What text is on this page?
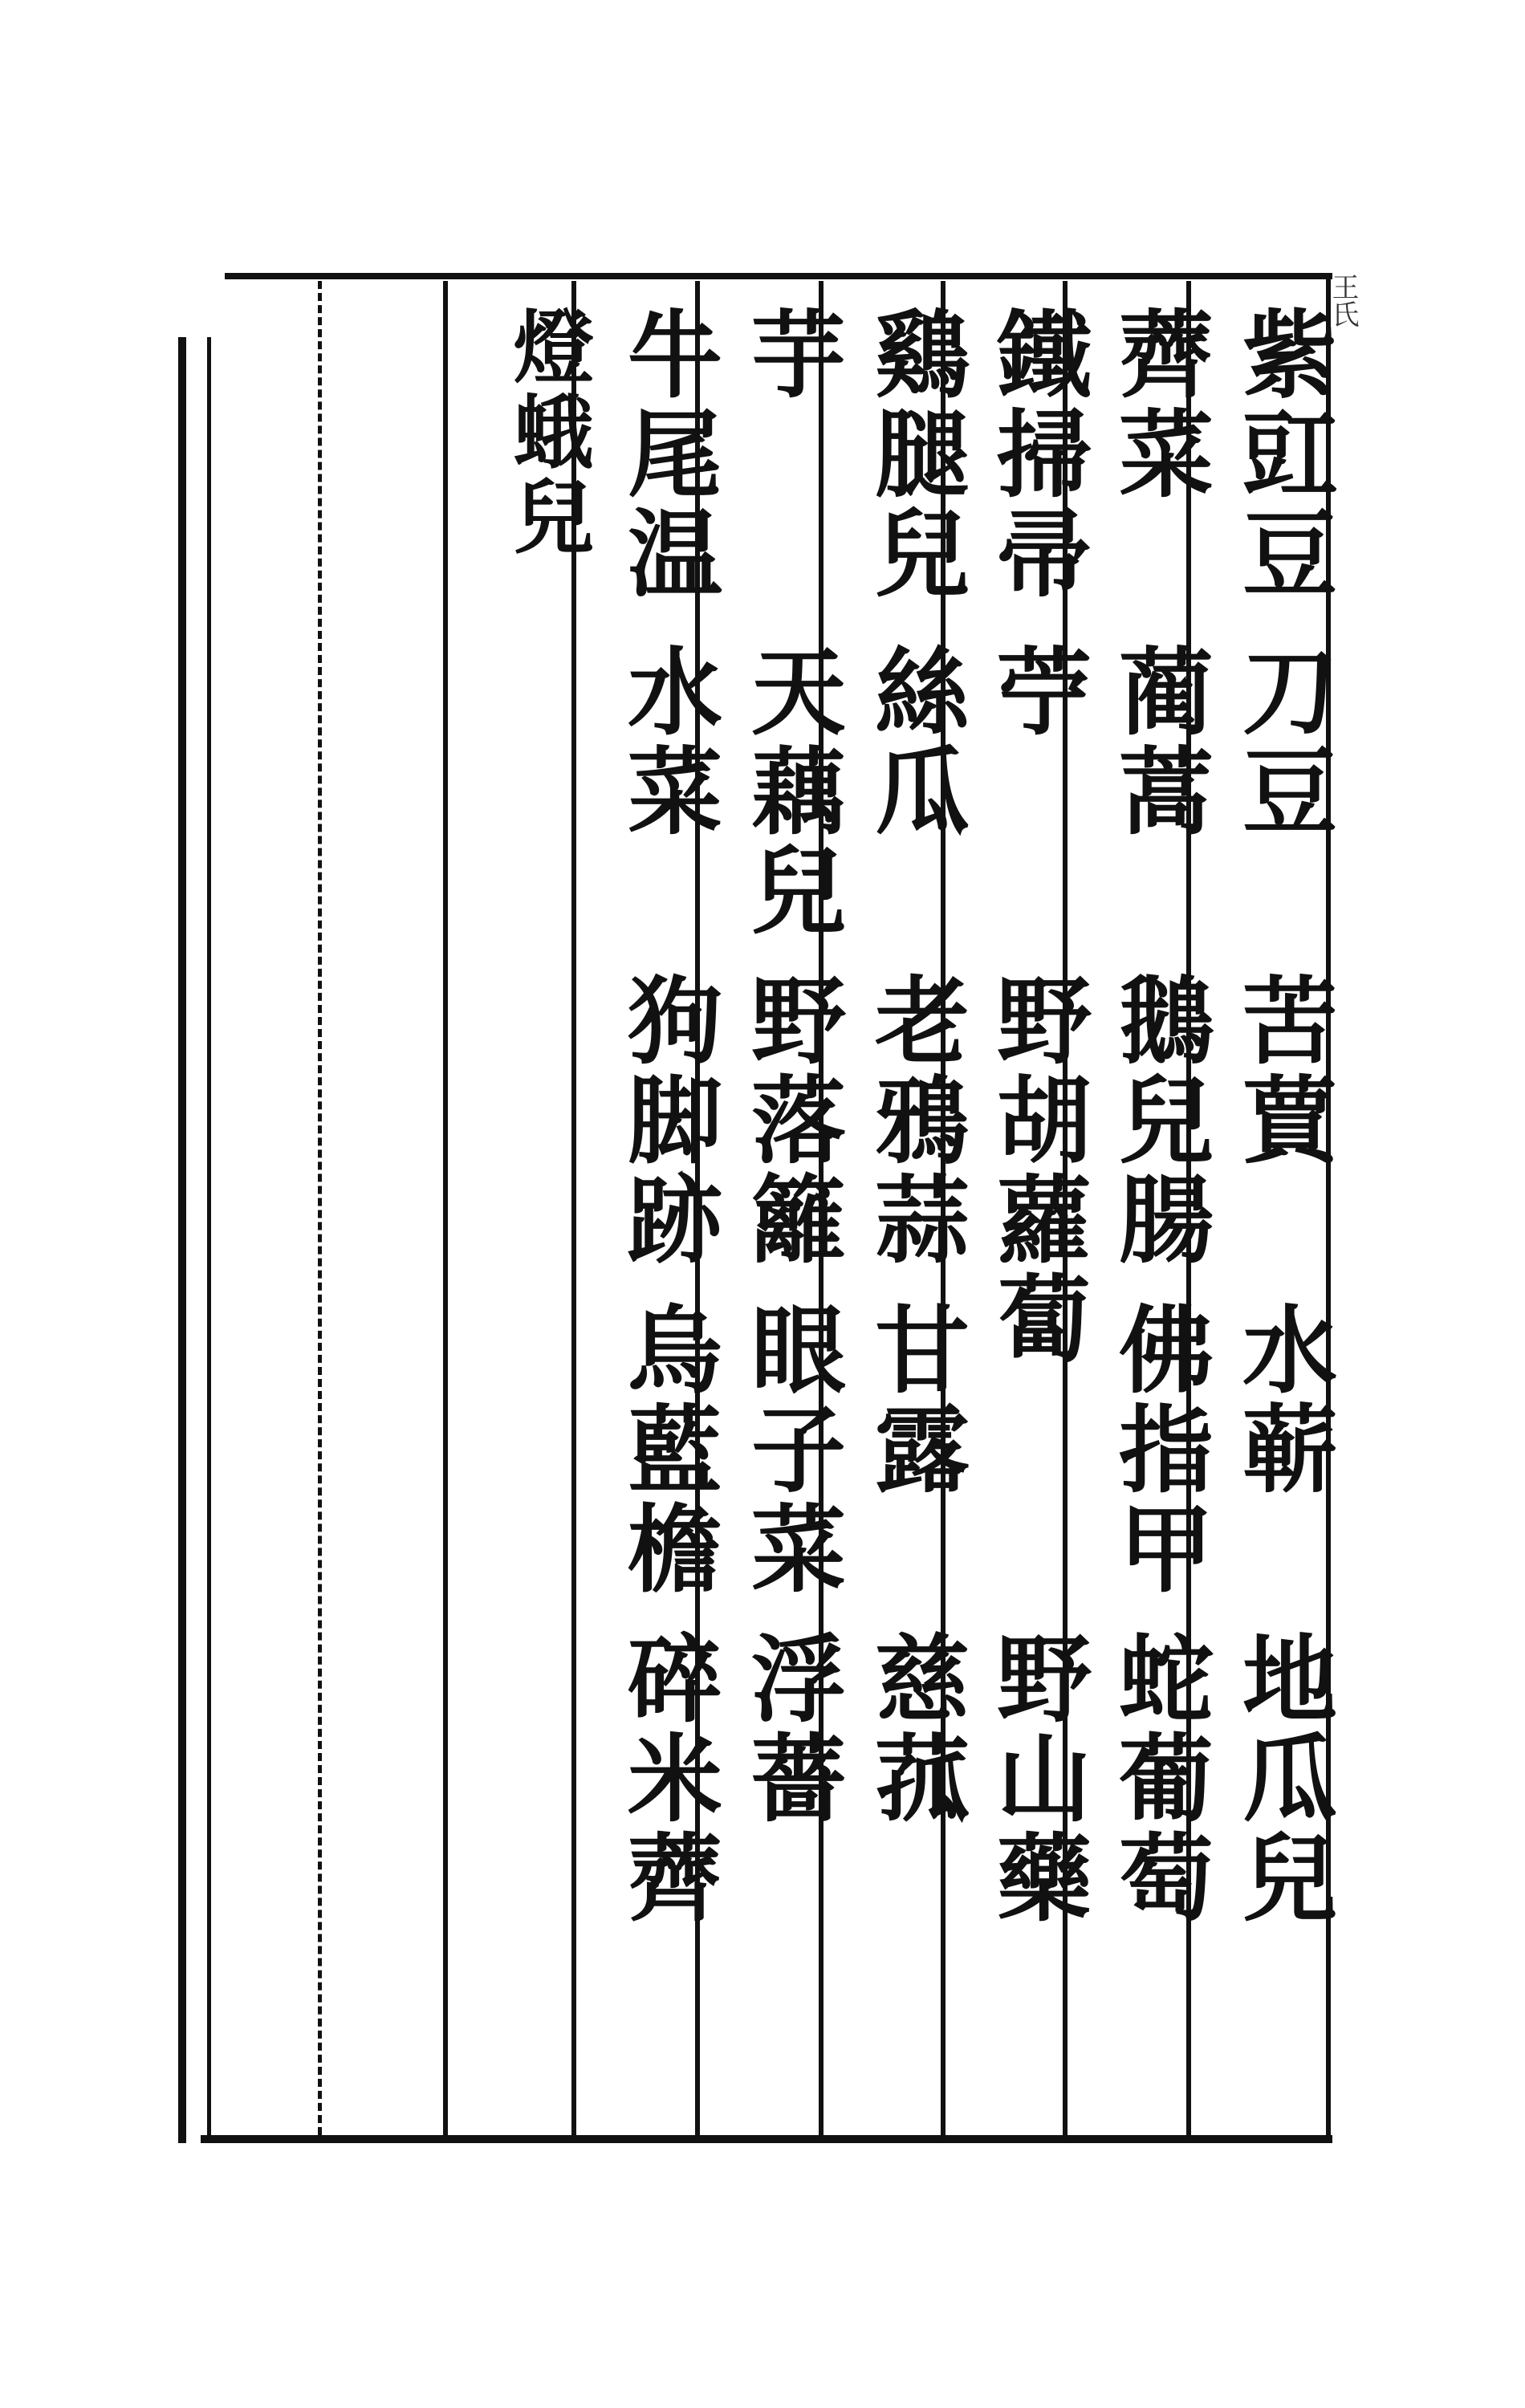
王氏
紫豇豆
刀豆
苦蕒
水蕲
地瓜兒
薺菜
蔺蒿
鵝兒腸
佛指甲
蛇葡萄
鐵掃帚
苧
野胡蘿蔔
野山藥
鷄腿兒
絲瓜
老鴉蒜
甘露
慈菰
芋
天藕兒
野落籬
眼子菜
浮薔
牛尾温
水菜
狗脚跡
烏藍檐
碎米薺
燈蛾兒
